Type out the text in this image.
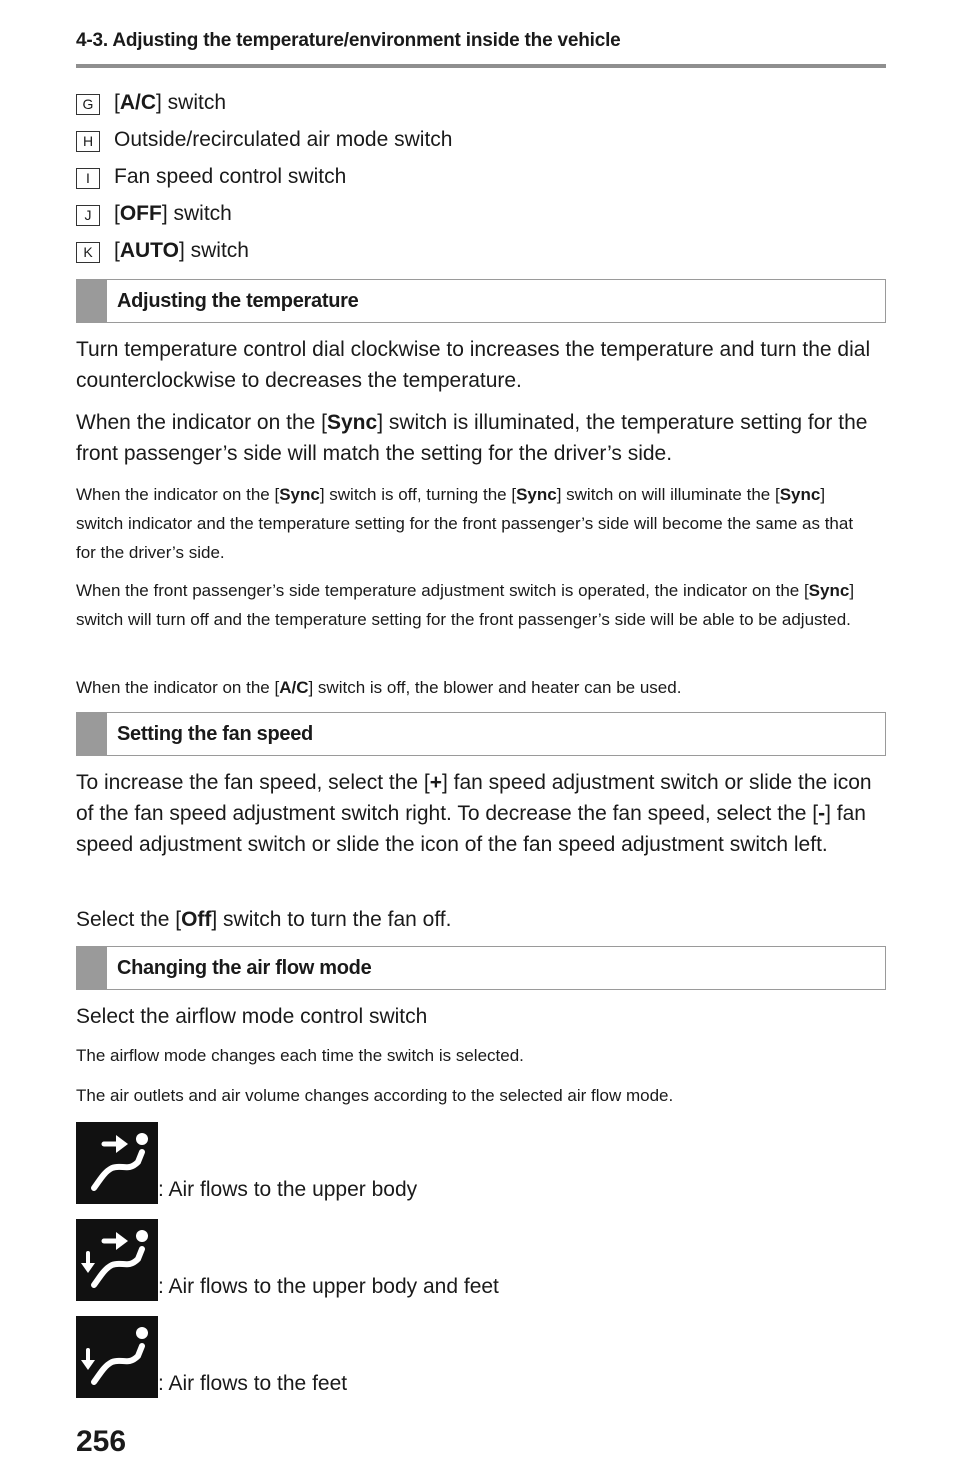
4-3. Adjusting the temperature/environment inside the vehicle
G [A/C] switch
H Outside/recirculated air mode switch
I	Fan speed control switch
J	[OFF] switch
K	[AUTO] switch
Adjusting the temperature
Turn temperature control dial clockwise to increases the temperature and turn the dial counterclockwise to decreases the temperature.
When the indicator on the [Sync] switch is illuminated, the temperature setting for the front passenger’s side will match the setting for the driver’s side.
When the indicator on the [Sync] switch is off, turning the [Sync] switch on will illuminate the [Sync] switch indicator and the temperature setting for the front passenger’s side will become the same as that for the driver’s side.
When the front passenger’s side temperature adjustment switch is operated, the indicator on the [Sync] switch will turn off and the temperature setting for the front passenger’s side will be able to be adjusted.
When the indicator on the [A/C] switch is off, the blower and heater can be used.
Setting the fan speed
To increase the fan speed, select the [+] fan speed adjustment switch or slide the icon of the fan speed adjustment switch right. To decrease the fan speed, select the [-] fan speed adjustment switch or slide the icon of the fan speed adjustment switch left.
Select the [Off] switch to turn the fan off.
Changing the air flow mode
Select the airflow mode control switch
The airflow mode changes each time the switch is selected.
The air outlets and air volume changes according to the selected air flow mode.
: Air flows to the upper body
: Air flows to the upper body and feet
: Air flows to the feet
256
